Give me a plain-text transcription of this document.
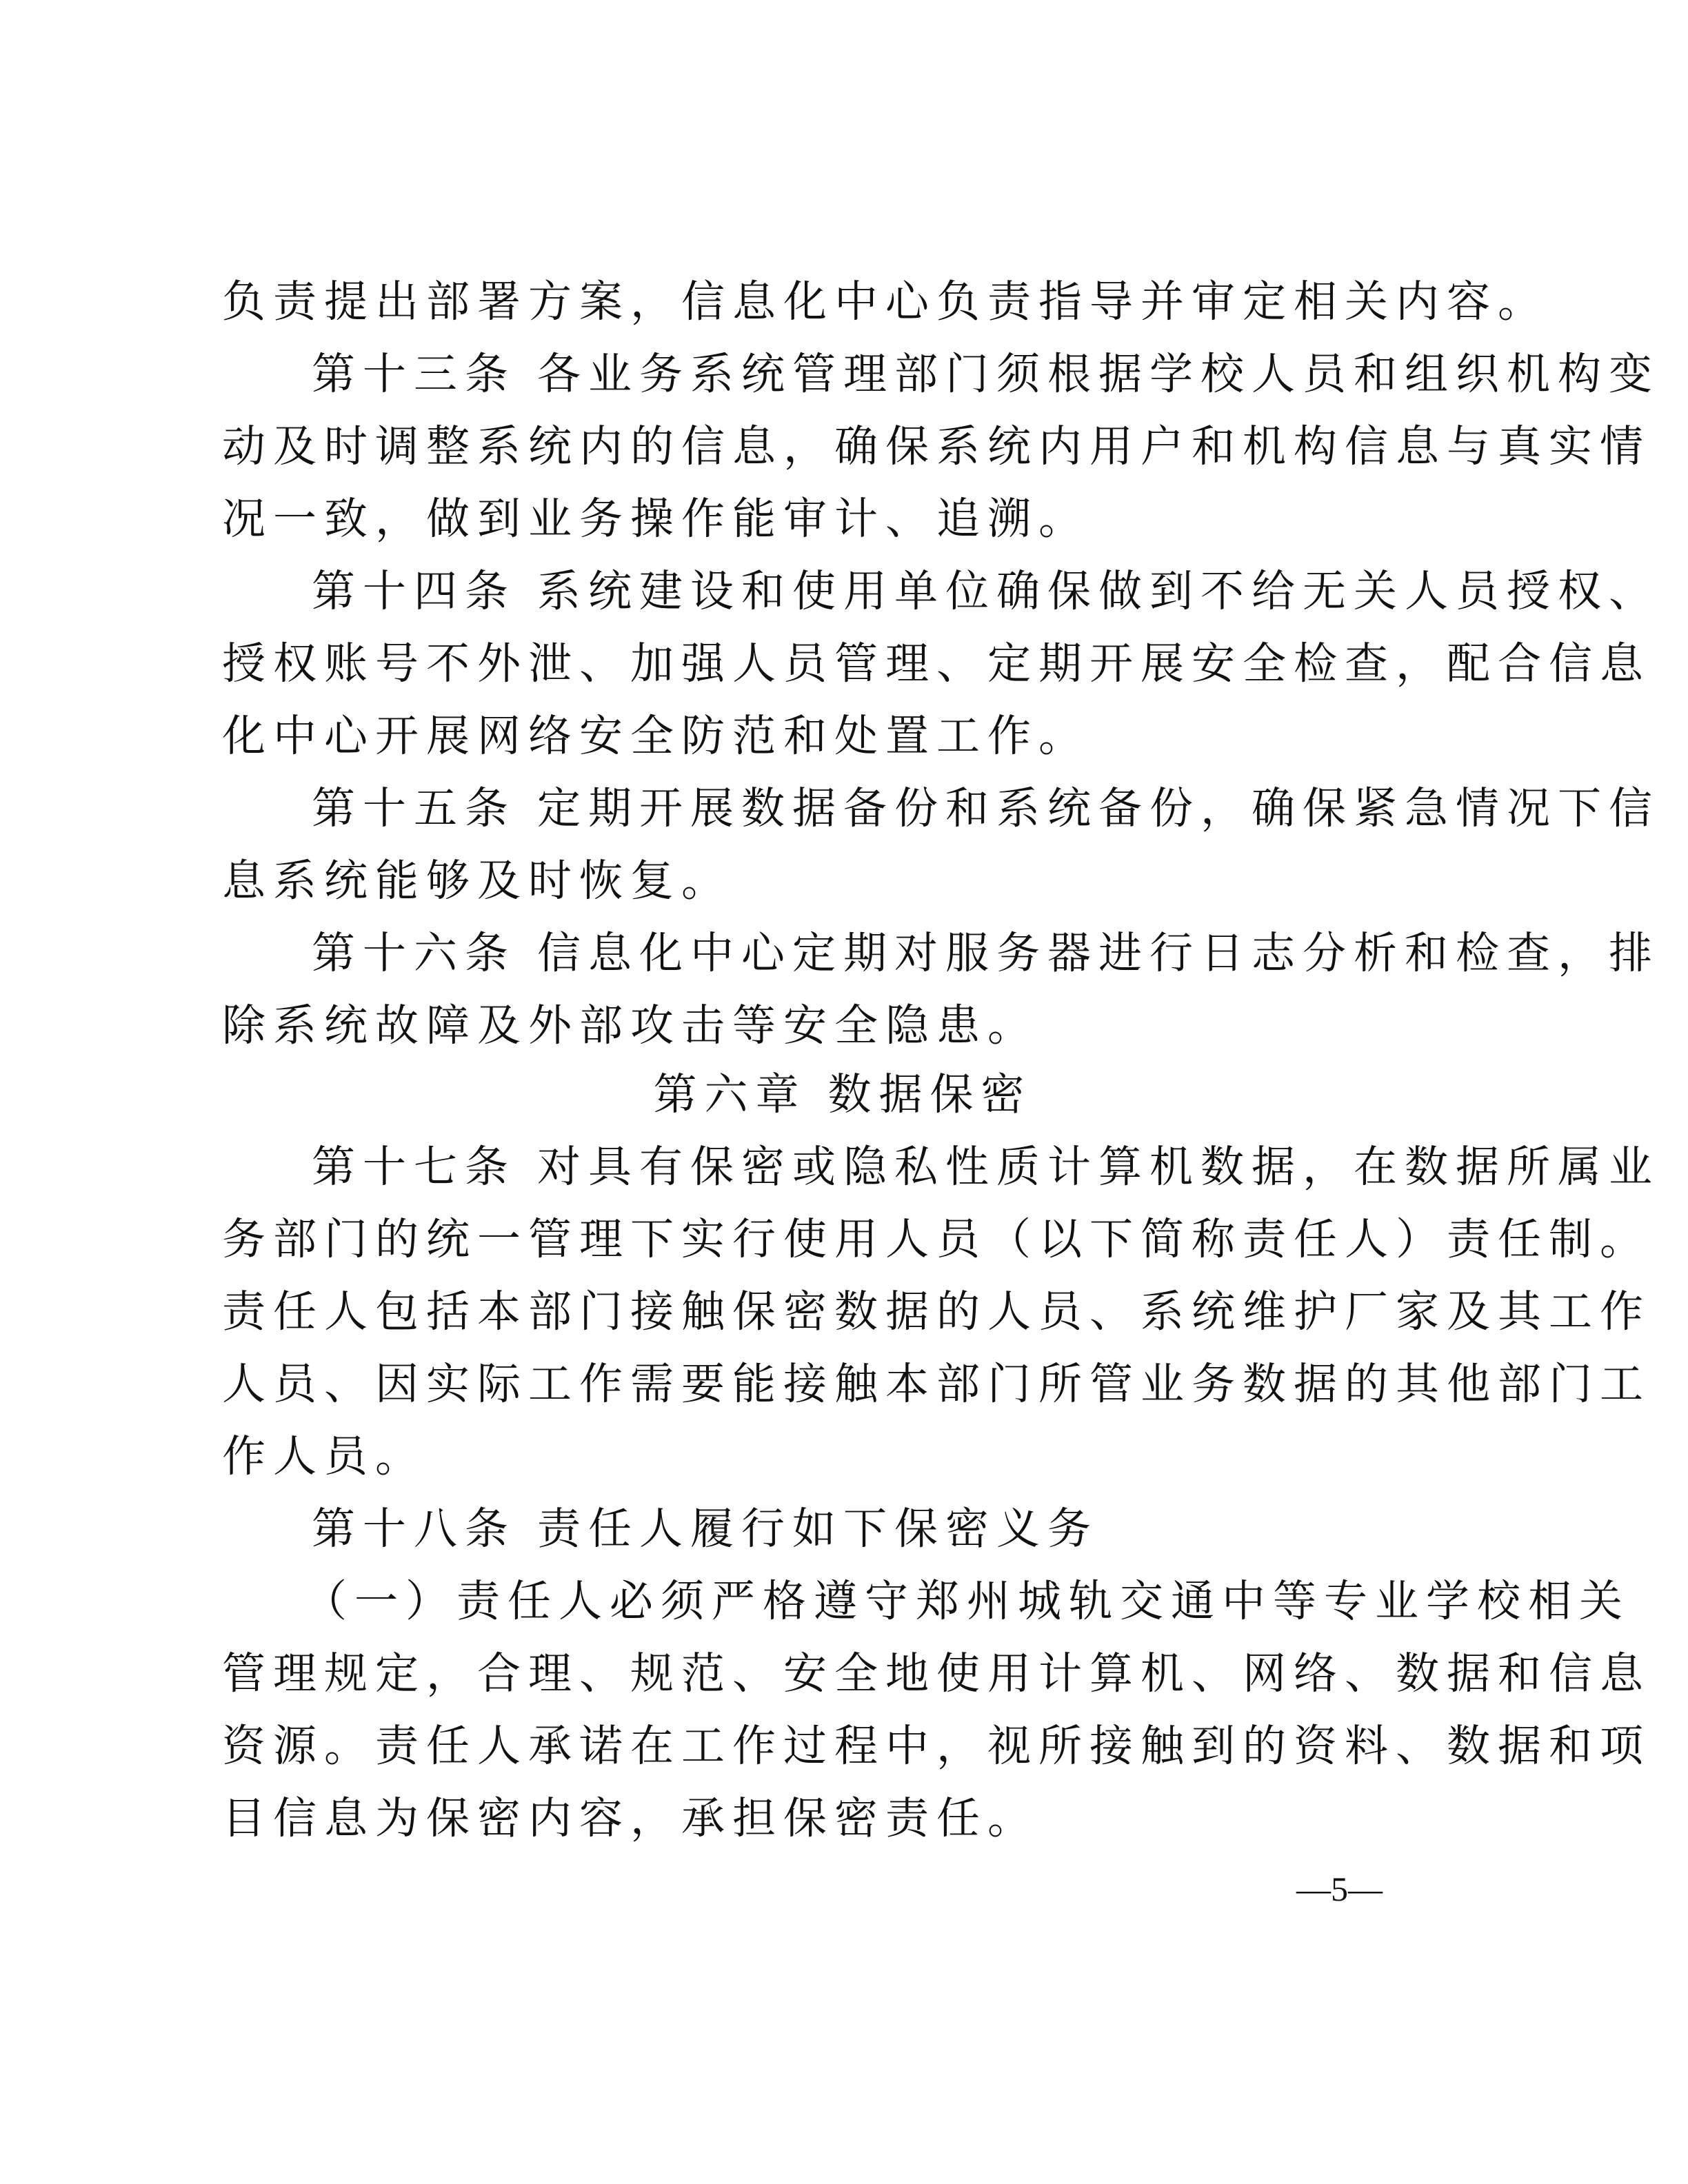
负责提出部署方案，信息化中心负责指导并审定相关内容。
第十三条 各业务系统管理部门须根据学校人员和组织机构变
动及时调整系统内的信息，确保系统内用户和机构信息与真实情
况一致，做到业务操作能审计、追溯。
第十四条 系统建设和使用单位确保做到不给无关人员授权、
授权账号不外泄、加强人员管理、定期开展安全检查，配合信息
化中心开展网络安全防范和处置工作。
第十五条 定期开展数据备份和系统备份，确保紧急情况下信
息系统能够及时恢复。
第十六条 信息化中心定期对服务器进行日志分析和检查，排
除系统故障及外部攻击等安全隐患。
第六章 数据保密
第十七条 对具有保密或隐私性质计算机数据，在数据所属业
务部门的统一管理下实行使用人员（以下简称责任人）责任制。
责任人包括本部门接触保密数据的人员、系统维护厂家及其工作
人员、因实际工作需要能接触本部门所管业务数据的其他部门工
作人员。
第十八条 责任人履行如下保密义务
（一）责任人必须严格遵守郑州城轨交通中等专业学校相关
管理规定，合理、规范、安全地使用计算机、网络、数据和信息
资源。责任人承诺在工作过程中，视所接触到的资料、数据和项
目信息为保密内容，承担保密责任。
—5—
